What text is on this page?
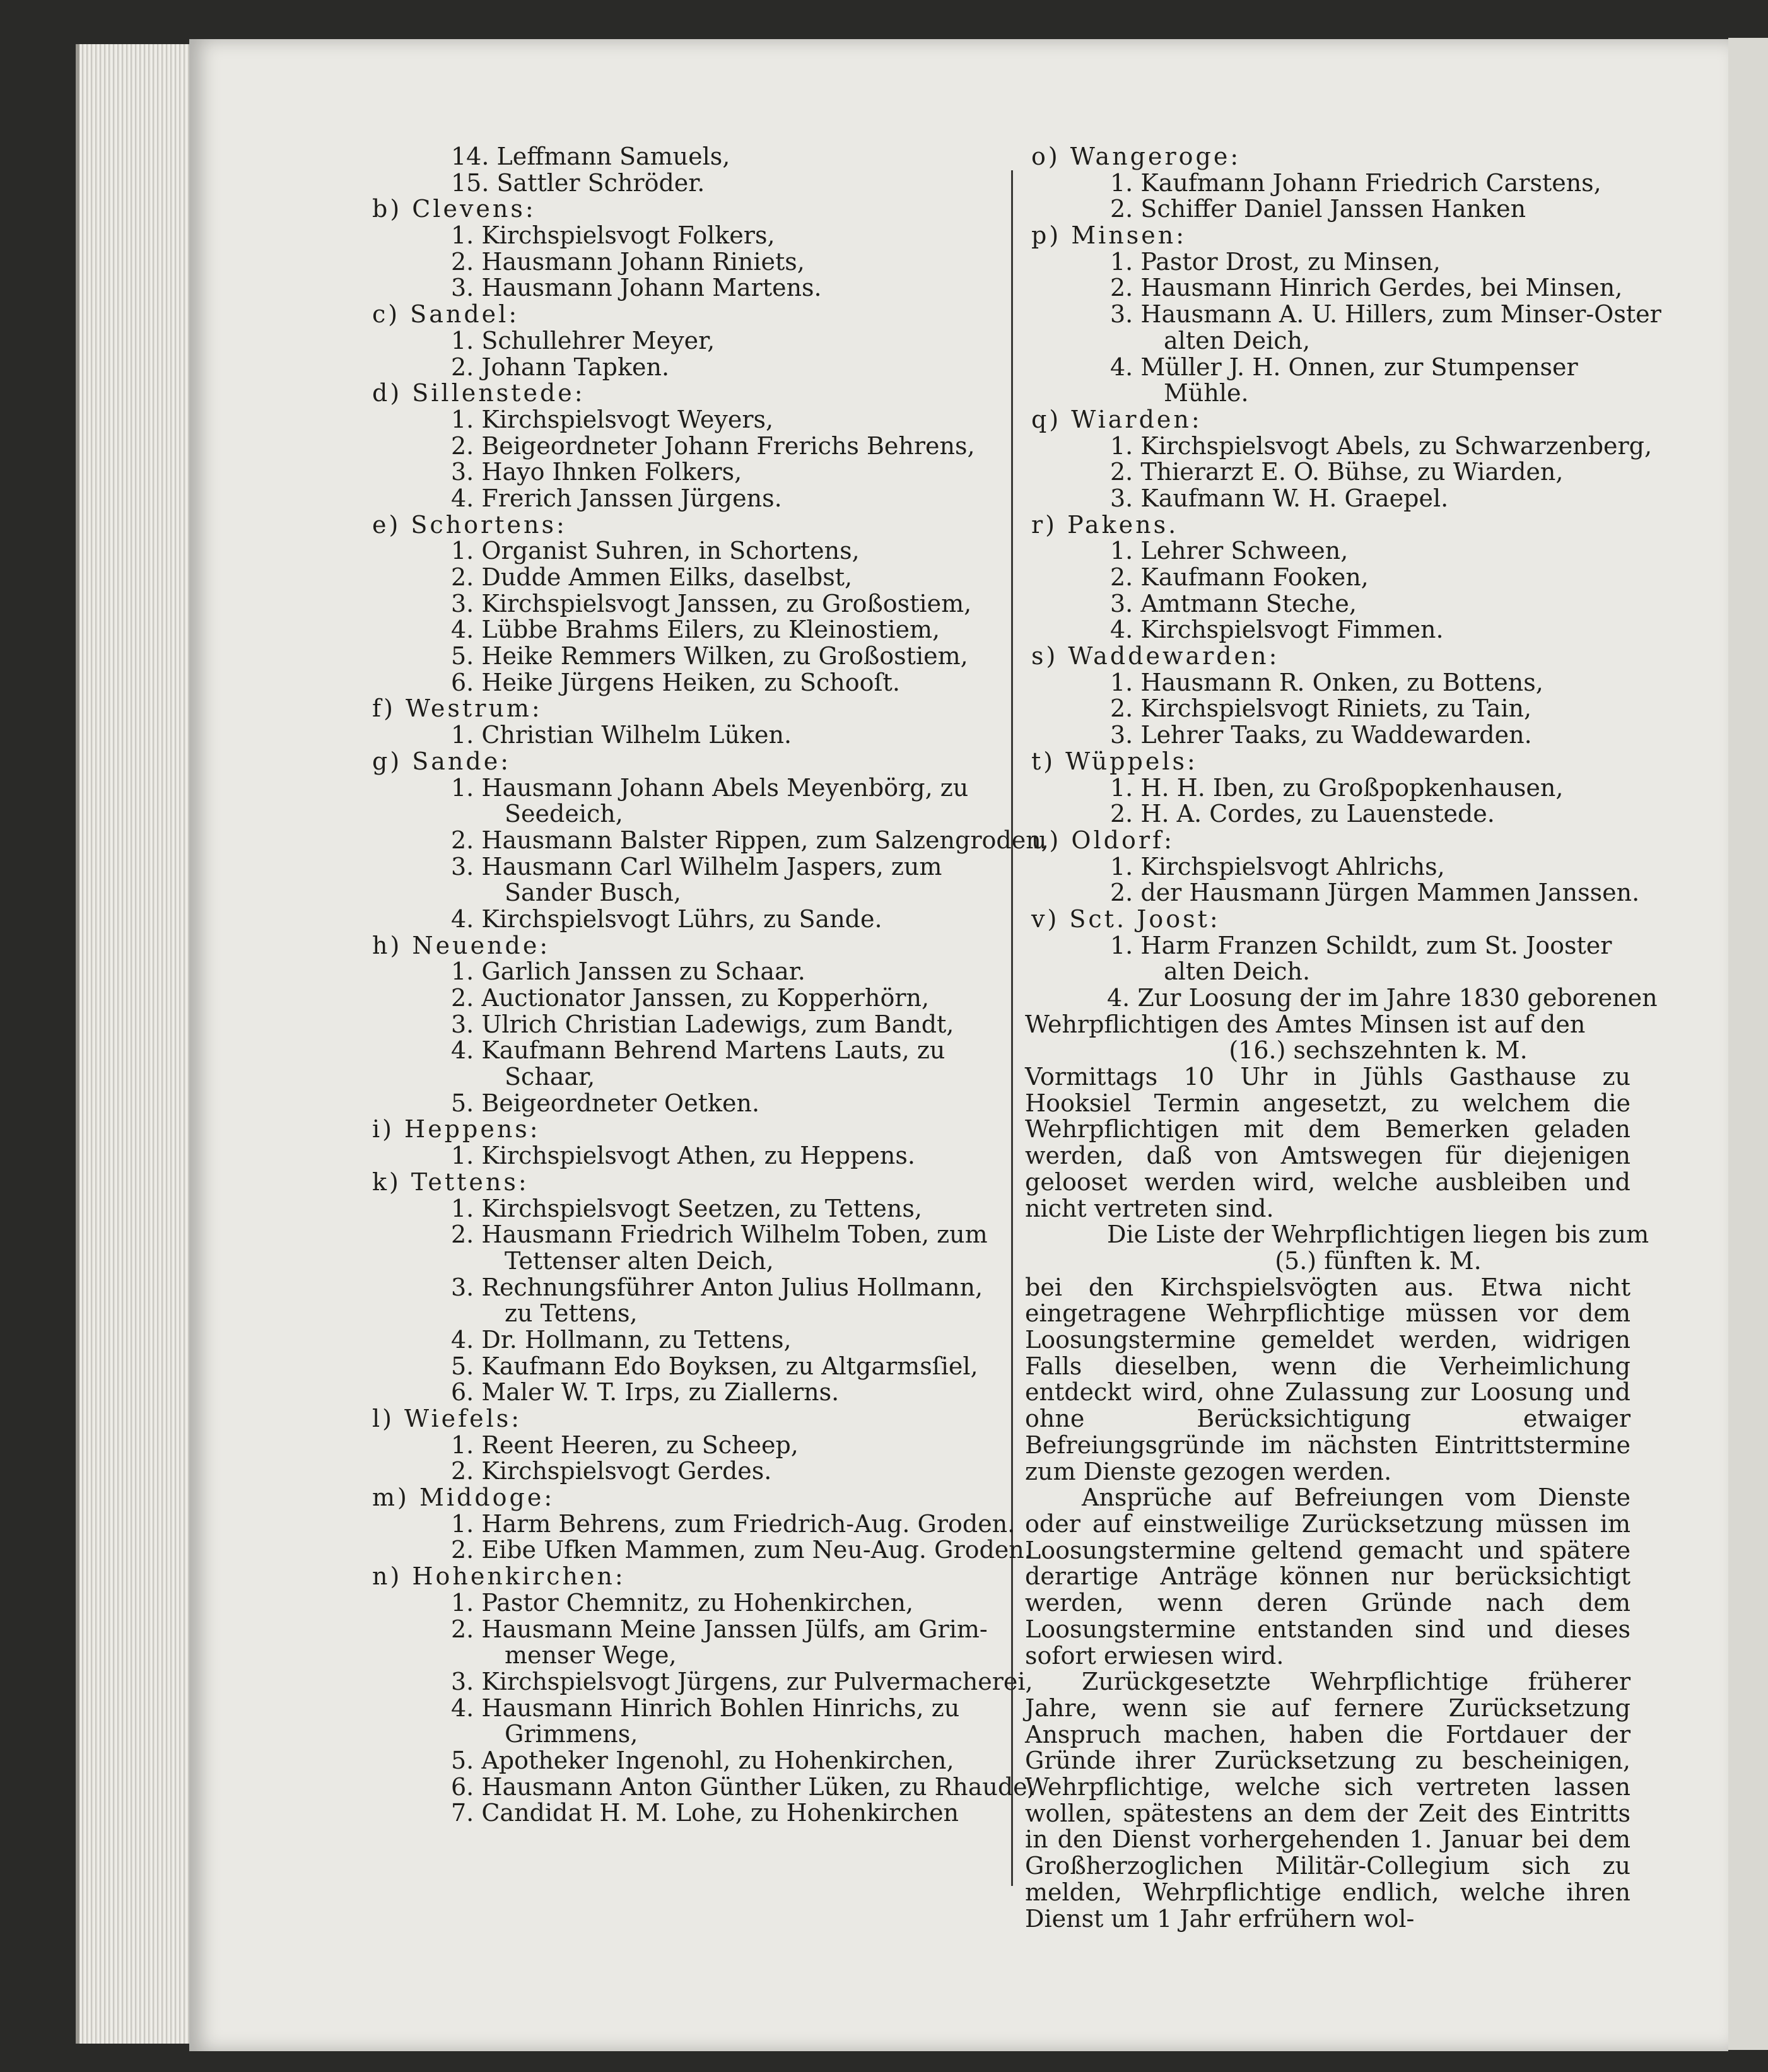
14. Leffmann Samuels,
15. Sattler Schröder.
b) Clevens:
1. Kirchspielsvogt Folkers,
2. Hausmann Johann Riniets,
3. Hausmann Johann Martens.
c) Sandel:
1. Schullehrer Meyer,
2. Johann Tapken.
d) Sillenstede:
1. Kirchspielsvogt Weyers,
2. Beigeordneter Johann Frerichs Behrens,
3. Hayo Ihnken Folkers,
4. Frerich Janssen Jürgens.
e) Schortens:
1. Organist Suhren, in Schortens,
2. Dudde Ammen Eilks, daselbst,
3. Kirchspielsvogt Janssen, zu Großostiem,
4. Lübbe Brahms Eilers, zu Kleinostiem,
5. Heike Remmers Wilken, zu Großostiem,
6. Heike Jürgens Heiken, zu Schooſt.
f) Westrum:
1. Christian Wilhelm Lüken.
g) Sande:
1. Hausmann Johann Abels Meyenbörg, zu
Seedeich,
2. Hausmann Balster Rippen, zum Salzengroden,
3. Hausmann Carl Wilhelm Jaspers, zum
Sander Busch,
4. Kirchspielsvogt Lührs, zu Sande.
h) Neuende:
1. Garlich Janssen zu Schaar.
2. Auctionator Janssen, zu Kopperhörn,
3. Ulrich Christian Ladewigs, zum Bandt,
4. Kaufmann Behrend Martens Lauts, zu
Schaar,
5. Beigeordneter Oetken.
i) Heppens:
1. Kirchspielsvogt Athen, zu Heppens.
k) Tettens:
1. Kirchspielsvogt Seetzen, zu Tettens,
2. Hausmann Friedrich Wilhelm Toben, zum
Tettenser alten Deich,
3. Rechnungsführer Anton Julius Hollmann,
zu Tettens,
4. Dr. Hollmann, zu Tettens,
5. Kaufmann Edo Boyksen, zu Altgarmsſiel,
6. Maler W. T. Irps, zu Ziallerns.
l) Wiefels:
1. Reent Heeren, zu Scheep,
2. Kirchspielsvogt Gerdes.
m) Middoge:
1. Harm Behrens, zum Friedrich-Aug. Groden.
2. Eibe Ufken Mammen, zum Neu-Aug. Groden.
n) Hohenkirchen:
1. Pastor Chemnitz, zu Hohenkirchen,
2. Hausmann Meine Janssen Jülfs, am Grim-
menser Wege,
3. Kirchspielsvogt Jürgens, zur Pulvermacherei,
4. Hausmann Hinrich Bohlen Hinrichs, zu
Grimmens,
5. Apotheker Ingenohl, zu Hohenkirchen,
6. Hausmann Anton Günther Lüken, zu Rhaude,
7. Candidat H. M. Lohe, zu Hohenkirchen
o) Wangeroge:
1. Kaufmann Johann Friedrich Carstens,
2. Schiffer Daniel Janssen Hanken
p) Minsen:
1. Pastor Drost, zu Minsen,
2. Hausmann Hinrich Gerdes, bei Minsen,
3. Hausmann A. U. Hillers, zum Minser-Oster
alten Deich,
4. Müller J. H. Onnen, zur Stumpenser
Mühle.
q) Wiarden:
1. Kirchspielsvogt Abels, zu Schwarzenberg,
2. Thierarzt E. O. Bühse, zu Wiarden,
3. Kaufmann W. H. Graepel.
r) Pakens.
1. Lehrer Schween,
2. Kaufmann Fooken,
3. Amtmann Steche,
4. Kirchspielsvogt Fimmen.
s) Waddewarden:
1. Hausmann R. Onken, zu Bottens,
2. Kirchspielsvogt Riniets, zu Tain,
3. Lehrer Taaks, zu Waddewarden.
t) Wüppels:
1. H. H. Iben, zu Großpopkenhausen,
2. H. A. Cordes, zu Lauenstede.
u) Oldorf:
1. Kirchspielsvogt Ahlrichs,
2. der Hausmann Jürgen Mammen Janssen.
v) Sct. Joost:
1. Harm Franzen Schildt, zum St. Jooster
alten Deich.
4. Zur Loosung der im Jahre 1830 geborenen
Wehrpflichtigen des Amtes Minsen ist auf den
(16.) sechszehnten k. M.
Vormittags 10 Uhr in Jühls Gasthause zu Hooksiel Termin angesetzt, zu welchem die Wehrpflichtigen mit dem Bemerken geladen werden, daß von Amtswegen für diejenigen gelooset werden wird, welche ausbleiben und nicht vertreten sind.
Die Liste der Wehrpflichtigen liegen bis zum
(5.) fünften k. M.
bei den Kirchspielsvögten aus. Etwa nicht eingetragene Wehrpflichtige müssen vor dem Loosungstermine gemeldet werden, widrigen Falls dieselben, wenn die Verheimlichung entdeckt wird, ohne Zulassung zur Loosung und ohne Berücksichtigung etwaiger Befreiungsgründe im nächsten Eintrittstermine zum Dienste gezogen werden.
Ansprüche auf Befreiungen vom Dienste oder auf einstweilige Zurücksetzung müssen im Loosungstermine geltend gemacht und spätere derartige Anträge können nur berücksichtigt werden, wenn deren Gründe nach dem Loosungstermine entstanden sind und dieses sofort erwiesen wird.
Zurückgesetzte Wehrpflichtige früherer Jahre, wenn sie auf fernere Zurücksetzung Anspruch machen, haben die Fortdauer der Gründe ihrer Zurücksetzung zu bescheinigen, Wehrpflichtige, welche sich vertreten lassen wollen, spätestens an dem der Zeit des Eintritts in den Dienst vorhergehenden 1. Januar bei dem Großherzoglichen Militär-Collegium sich zu melden, Wehrpflichtige endlich, welche ihren Dienst um 1 Jahr erfrühern wol-
